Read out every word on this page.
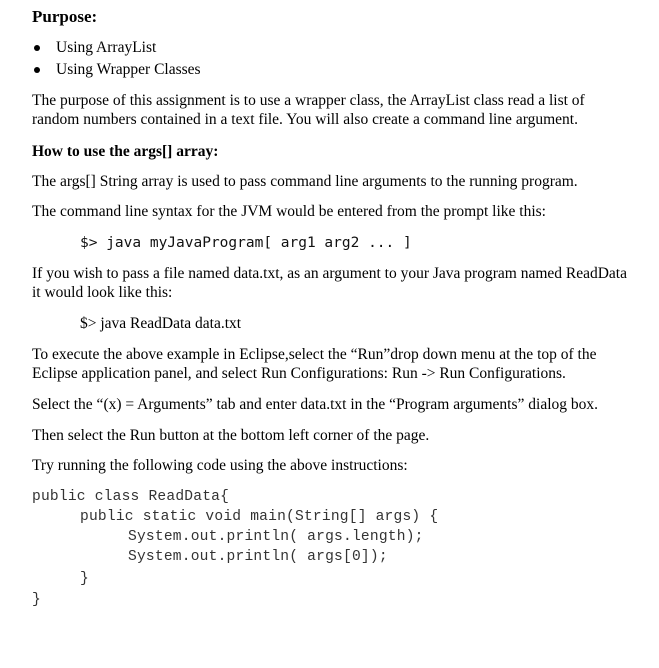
Purpose:
Using ArrayList
Using Wrapper Classes
The purpose of this assignment is to use a wrapper class, the ArrayList class read a list of
random numbers contained in a text file. You will also create a command line argument.
How to use the args[] array:
The args[] String array is used to pass command line arguments to the running program.
The command line syntax for the JVM would be entered from the prompt like this:
$> java myJavaProgram[ arg1 arg2 ... ]
If you wish to pass a file named data.txt, as an argument to your Java program named ReadData
it would look like this:
$> java ReadData data.txt
To execute the above example in Eclipse,select the “Run”drop down menu at the top of the
Eclipse application panel, and select Run Configurations: Run -> Run Configurations.
Select the “(x) = Arguments” tab and enter data.txt in the “Program arguments” dialog box.
Then select the Run button at the bottom left corner of the page.
Try running the following code using the above instructions:
public class ReadData{
public static void main(String[] args) {
System.out.println( args.length);
System.out.println( args[0]);
}
}
